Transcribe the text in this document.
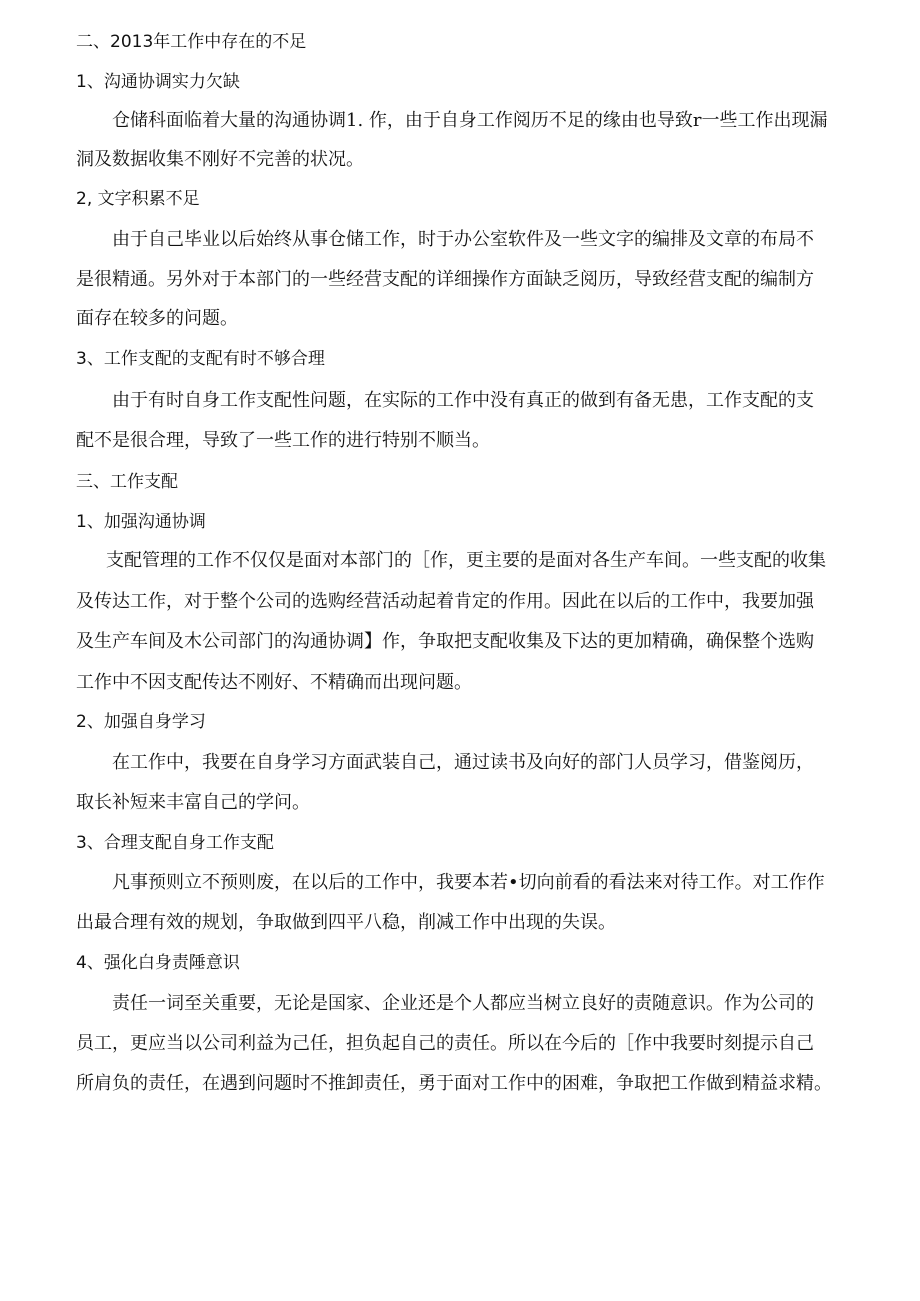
二、2013年工作中存在的不足
1、沟通协调实力欠缺
仓储科面临着大量的沟通协调1. 作，由于自身工作阅历不足的缘由也导致r一些工作出现漏
洞及数据收集不刚好不完善的状况。
2, 文字积累不足
由于自己毕业以后始终从事仓储工作，时于办公室软件及一些文字的编排及文章的布局不
是很精通。另外对于本部门的一些经营支配的详细操作方面缺乏阅历，导致经营支配的编制方
面存在较多的问题。
3、工作支配的支配有时不够合理
由于有时自身工作支配性问题，在实际的工作中没有真正的做到有备无患，工作支配的支
配不是很合理，导致了一些工作的进行特别不顺当。
三、工作支配
1、加强沟通协调
支配管理的工作不仅仅是面对本部门的［作，更主要的是面对各生产车间。一些支配的收集
及传达工作，对于整个公司的选购经营活动起着肯定的作用。因此在以后的工作中，我要加强
及生产车间及木公司部门的沟通协调】作，争取把支配收集及下达的更加精确，确保整个选购
工作中不因支配传达不刚好、不精确而出现问题。
2、加强自身学习
在工作中，我要在自身学习方面武装自己，通过读书及向好的部门人员学习，借鉴阅历，
取长补短来丰富自己的学问。
3、合理支配自身工作支配
凡事预则立不预则废，在以后的工作中，我要本若•切向前看的看法来对待工作。对工作作
出最合理有效的规划，争取做到四平八稳，削减工作中出现的失误。
4、强化白身责陲意识
责任一词至关重要，无论是国家、企业还是个人都应当树立良好的责随意识。作为公司的
员工，更应当以公司利益为己任，担负起自己的责任。所以在今后的［作中我要时刻提示自己
所肩负的责任，在遇到问题时不推卸责任，勇于面对工作中的困难，争取把工作做到精益求精。
